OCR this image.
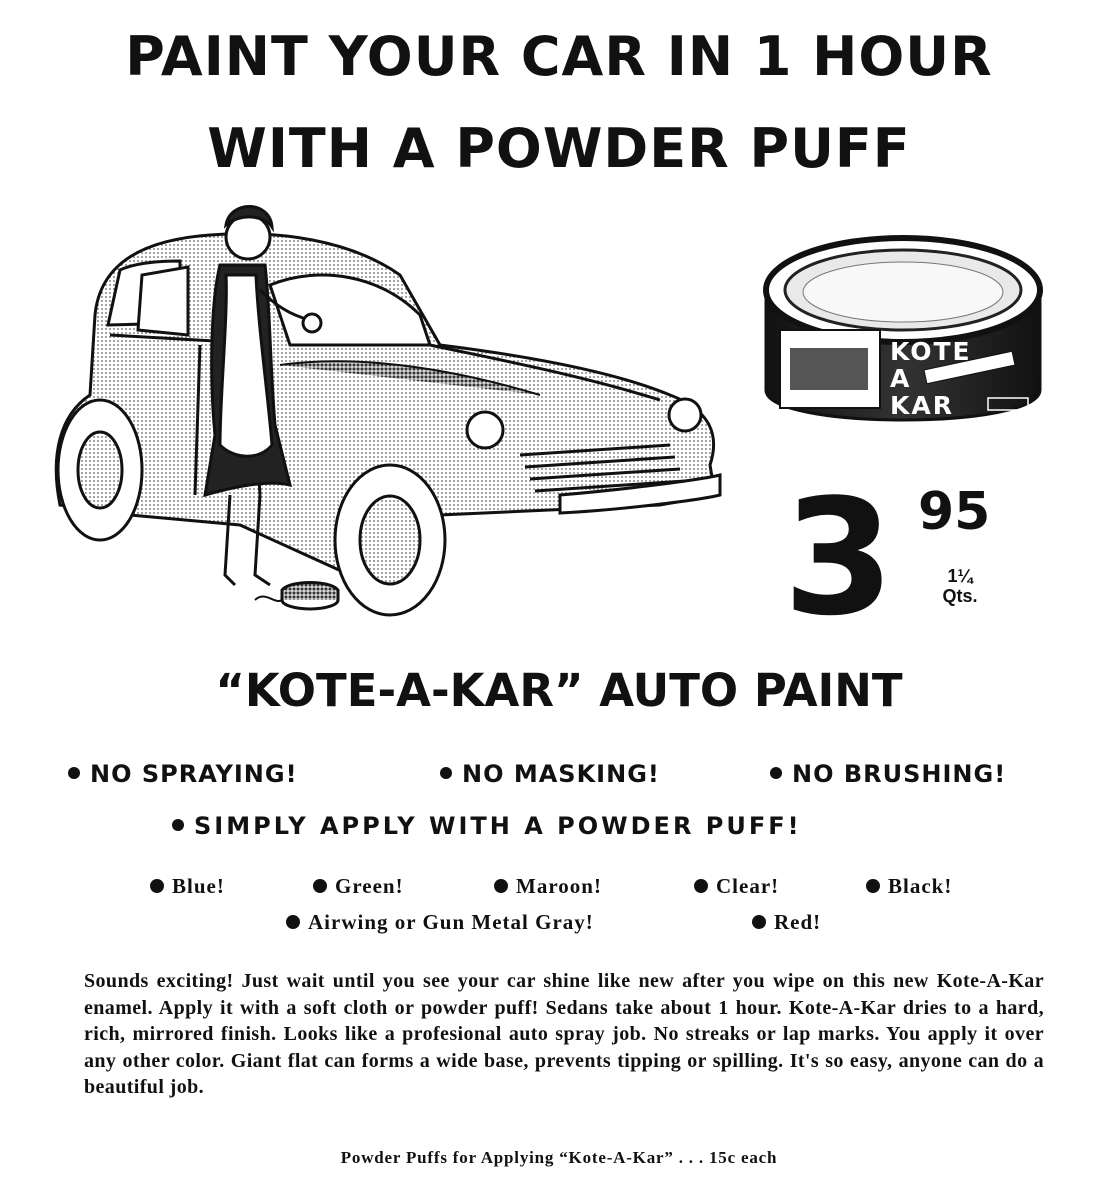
PAINT YOUR CAR IN 1 HOUR
WITH A POWDER PUFF
KOTE
A
KAR
3 95
1¼
Qts.
“KOTE-A-KAR” AUTO PAINT
NO SPRAYING!	NO MASKING!	NO BRUSHING!
SIMPLY APPLY WITH A POWDER PUFF!
Blue!	Green!	Maroon!	Clear!	Black!
Airwing or Gun Metal Gray!	Red!
Sounds exciting! Just wait until you see your car shine like new after you wipe on this new Kote-A-Kar enamel. Apply it with a soft cloth or powder puff! Sedans take about 1 hour. Kote-A-Kar dries to a hard, rich, mirrored finish. Looks like a profesional auto spray job. No streaks or lap marks. You apply it over any other color. Giant flat can forms a wide base, prevents tipping or spilling. It's so easy, anyone can do a beautiful job.
Powder Puffs for Applying “Kote-A-Kar” . . . 15c each
